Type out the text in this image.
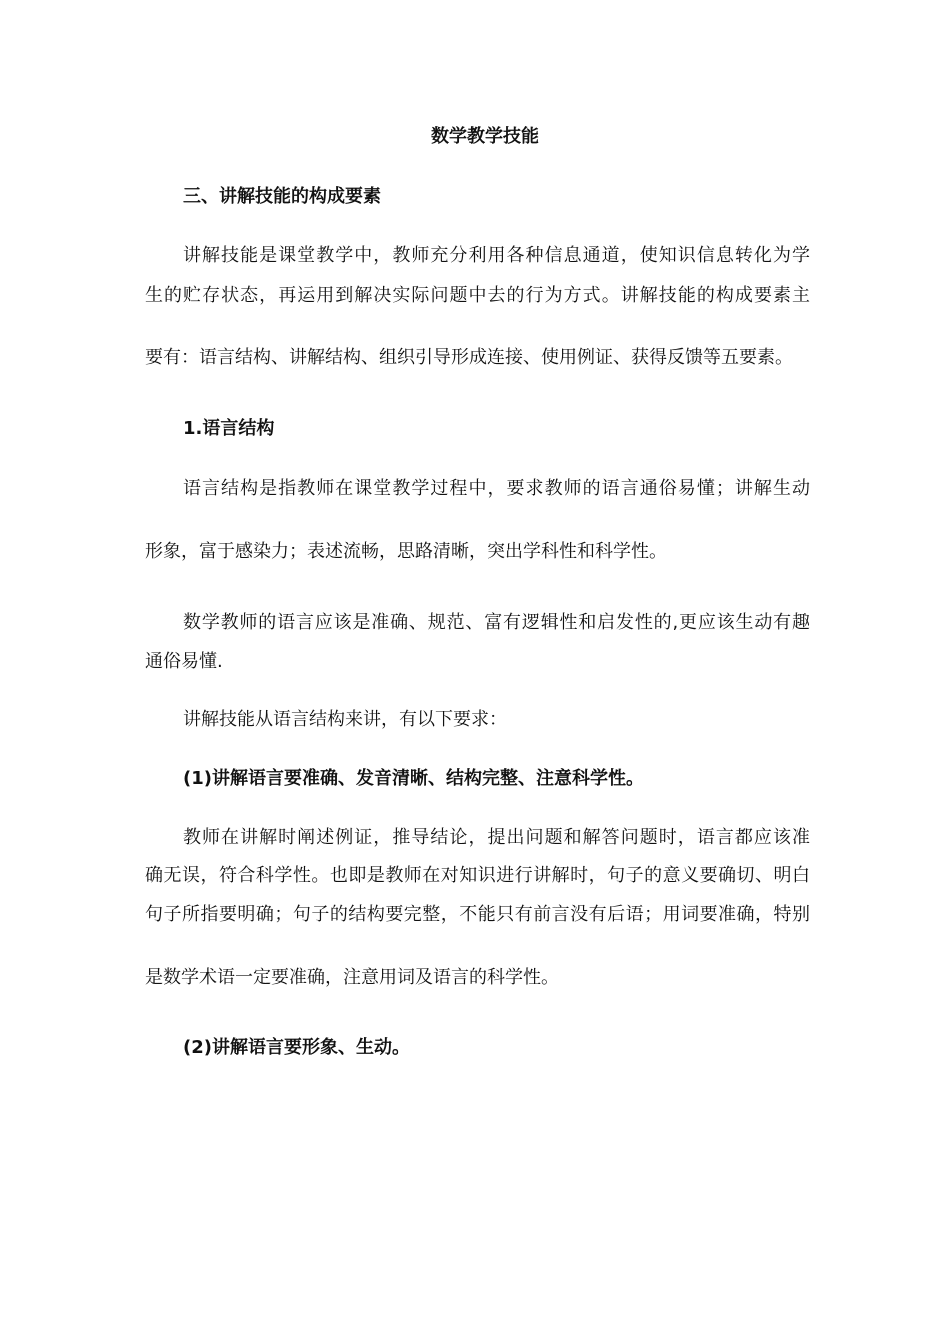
数学教学技能
三、讲解技能的构成要素
讲解技能是课堂教学中，教师充分利用各种信息通道，使知识信息转化为学
生的贮存状态，再运用到解决实际问题中去的行为方式。讲解技能的构成要素主
要有：语言结构、讲解结构、组织引导形成连接、使用例证、获得反馈等五要素。
1.语言结构
语言结构是指教师在课堂教学过程中，要求教师的语言通俗易懂；讲解生动
形象，富于感染力；表述流畅，思路清晰，突出学科性和科学性。
数学教师的语言应该是准确、规范、富有逻辑性和启发性的,更应该生动有趣
通俗易懂.
讲解技能从语言结构来讲，有以下要求：
(1)讲解语言要准确、发音清晰、结构完整、注意科学性。
教师在讲解时阐述例证，推导结论，提出问题和解答问题时，语言都应该准
确无误，符合科学性。也即是教师在对知识进行讲解时，句子的意义要确切、明白
句子所指要明确；句子的结构要完整，不能只有前言没有后语；用词要准确，特别
是数学术语一定要准确，注意用词及语言的科学性。
(2)讲解语言要形象、生动。
